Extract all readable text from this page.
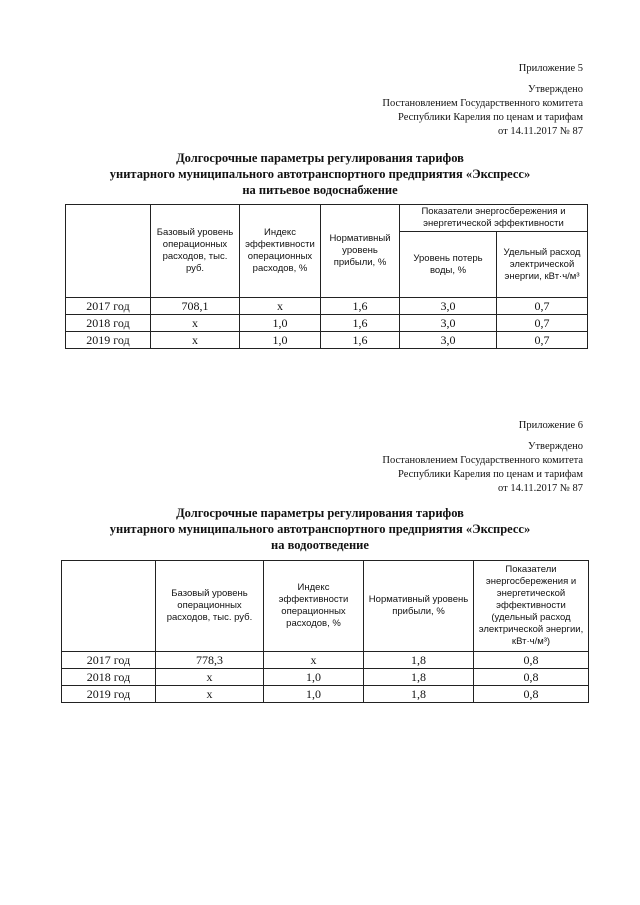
Приложение 5
Утверждено
Постановлением Государственного комитета
Республики Карелия по ценам и тарифам
от 14.11.2017 № 87
Долгосрочные параметры регулирования тарифов
унитарного муниципального автотранспортного предприятия «Экспресс»
на питьевое водоснабжение
	Базовый уровень операционных расходов, тыс. руб.	Индекс эффективности операционных расходов, %	Нормативный уровень прибыли, %	Показатели энергосбережения и энергетической эффективности	
				Уровень потерь воды, %	Удельный расход электрической энергии, кВт·ч/м³
2017 год	708,1	х	1,6	3,0	0,7
2018 год	х	1,0	1,6	3,0	0,7
2019 год	х	1,0	1,6	3,0	0,7
Приложение 6
Утверждено
Постановлением Государственного комитета
Республики Карелия по ценам и тарифам
от 14.11.2017 № 87
Долгосрочные параметры регулирования тарифов
унитарного муниципального автотранспортного предприятия «Экспресс»
на водоотведение
	Базовый уровень операционных расходов, тыс. руб.	Индекс эффективности операционных расходов, %	Нормативный уровень прибыли, %	Показатели энергосбережения и энергетической эффективности (удельный расход электрической энергии, кВт·ч/м³)
2017 год	778,3	х	1,8	0,8
2018 год	х	1,0	1,8	0,8
2019 год	х	1,0	1,8	0,8
